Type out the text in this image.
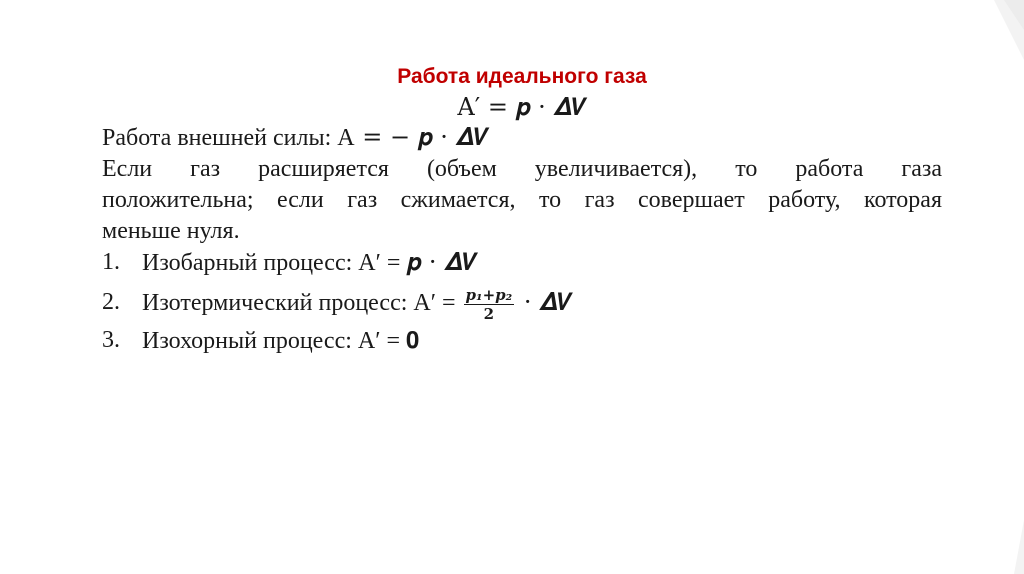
Работа идеального газа
A′ = 𝒑 · 𝜟𝑽
Работа внешней силы: A = − 𝒑 · 𝜟𝑽
Если газ расширяется (объем увеличивается), то работа газа
положительна; если газ сжимается, то газ совершает работу, которая
меньше нуля.
1. Изобарный процесс: A′ = 𝒑 · 𝜟𝑽
2. Изотермический процесс: $A' = \frac{\text{p₁+p₂}}{2}$ · 𝜟𝑽
3. Изохорный процесс: A′ = 𝟎
